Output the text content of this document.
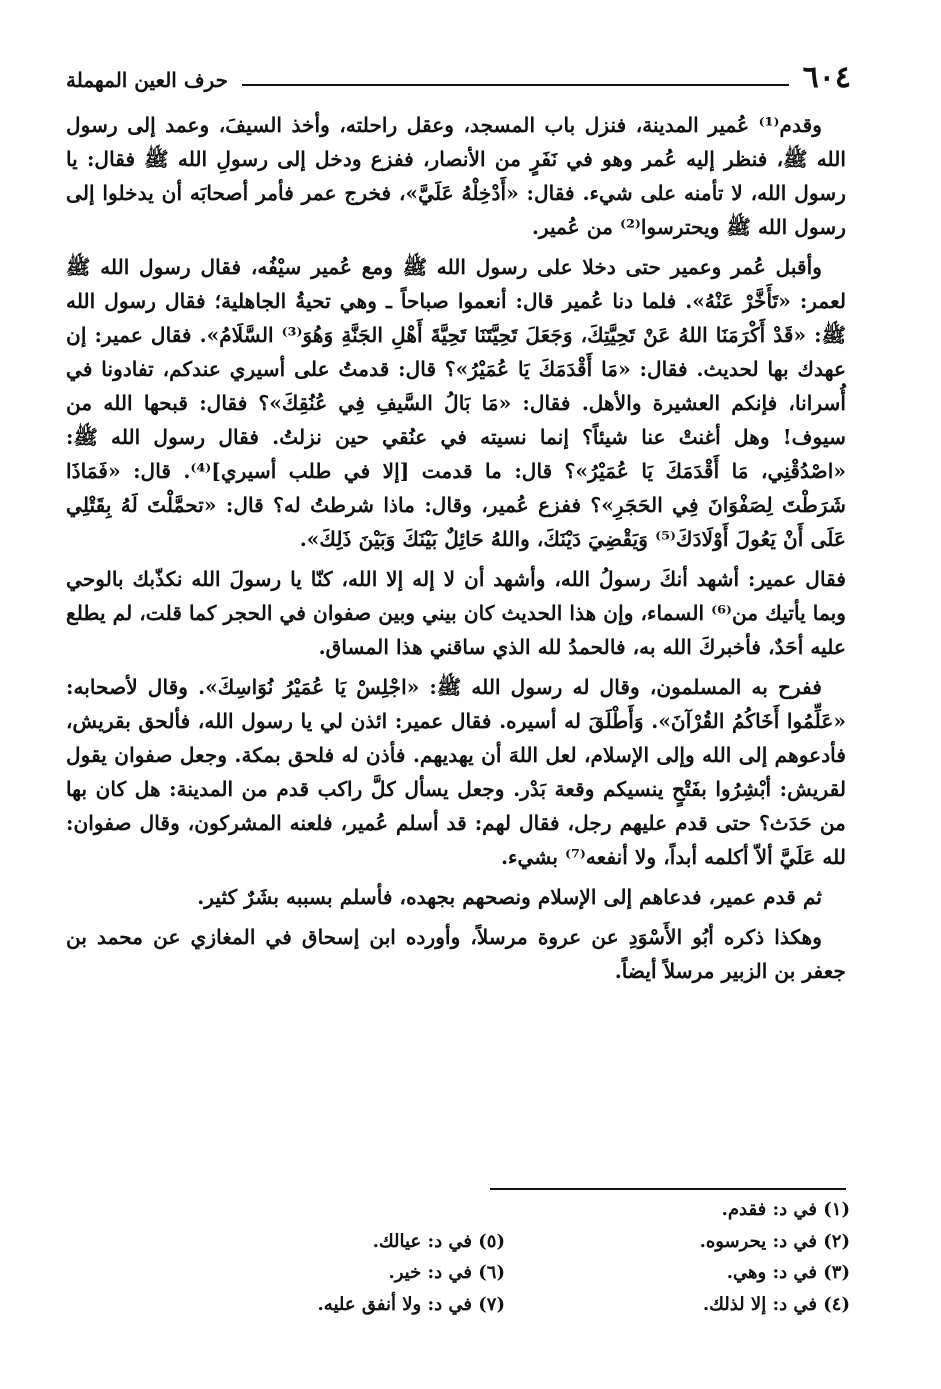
٦٠٤
حرف العين المهملة

وقدم⁽¹⁾ عُمير المدينة، فنزل باب المسجد، وعقل راحلته، وأخذ السيفَ، وعمد إلى رسول الله ﷺ، فنظر إليه عُمر وهو في نَفَرٍ من الأنصار، ففزع ودخل إلى رسولِ الله ﷺ فقال: يا رسول الله، لا تأمنه على شيء. فقال: «أَدْخِلْهُ عَلَيَّ»، فخرج عمر فأمر أصحابَه أن يدخلوا إلى رسول الله ﷺ ويحترسوا⁽²⁾ من عُمير.

وأقبل عُمر وعمير حتى دخلا على رسول الله ﷺ ومع عُمير سيْفُه، فقال رسول الله ﷺ لعمر: «تَأَخَّرْ عَنْهُ». فلما دنا عُمير قال: أنعموا صباحاً ـ وهي تحيةُ الجاهلية؛ فقال رسول الله ﷺ: «قَدْ أَكْرَمَنَا اللهُ عَنْ تَحِيَّتِكَ، وَجَعَلَ تَحِيَّتَنَا تَحِيَّةَ أَهْلِ الجَنَّةِ وَهُوَ⁽³⁾ السَّلَامُ». فقال عمير: إن عهدك بها لحديث. فقال: «مَا أَقْدَمَكَ يَا عُمَيْرُ»؟ قال: قدمتُ على أسيري عندكم، تفادونا في أُسرانا، فإنكم العشيرة والأهل. فقال: «مَا بَالُ السَّيفِ فِي عُنُقِكَ»؟ فقال: قبحها الله من سيوف! وهل أغنتْ عنا شيئاً؟ إنما نسيته في عنُقي حين نزلتُ. فقال رسول الله ﷺ: «اصْدُقْنِي، مَا أَقْدَمَكَ يَا عُمَيْرُ»؟ قال: ما قدمت [إلا في طلب أسيري]⁽⁴⁾. قال: «فَمَاذَا شَرَطْتَ لِصَفْوَانَ فِي الحَجَرِ»؟ ففزع عُمير، وقال: ماذا شرطتُ له؟ قال: «تحمَّلْتَ لَهُ بِقَتْلِي عَلَى أَنْ يَعُولَ أَوْلَادَكَ⁽⁵⁾ وَيَقْضِيَ دَيْنَكَ، واللهُ حَائِلٌ بَيْنَكَ وَبَيْنَ ذَلِكَ».

فقال عمير: أشهد أنكَ رسولُ الله، وأشهد أن لا إله إلا الله، كنّا يا رسولَ الله نكذّبك بالوحي وبما يأتيك من⁽⁶⁾ السماء، وإن هذا الحديث كان بيني وبين صفوان في الحجر كما قلت، لم يطلع عليه أحَدٌ، فأخبركَ الله به، فالحمدُ لله الذي ساقني هذا المساق.

ففرح به المسلمون، وقال له رسول الله ﷺ: «اجْلِسْ يَا عُمَيْرُ نُوَاسِكَ». وقال لأصحابه: «عَلِّمُوا أَخَاكُمُ القُرْآنَ». وَأَطْلَقَ له أسيره. فقال عمير: ائذن لي يا رسول الله، فألحق بقريش، فأدعوهم إلى الله وإلى الإسلام، لعل اللهَ أن يهديهم. فأذن له فلحق بمكة. وجعل صفوان يقول لقريش: أبْشِرُوا بفَتْحٍ ينسيكم وقعة بَدْر. وجعل يسأل كلَّ راكب قدم من المدينة: هل كان بها من حَدَث؟ حتى قدم عليهم رجل، فقال لهم: قد أسلم عُمير، فلعنه المشركون، وقال صفوان: لله عَلَيَّ ألاّ أكلمه أبداً، ولا أنفعه⁽⁷⁾ بشيء.

ثم قدم عمير، فدعاهم إلى الإسلام ونصحهم بجهده، فأسلم بسببه بشَرٌ كثير.

وهكذا ذكره أبُو الأَسْوَدِ عن عروة مرسلاً، وأورده ابن إسحاق في المغازي عن محمد بن جعفر بن الزبير مرسلاً أيضاً.

(١) في د: فقدم.

(٢) في د: يحرسوه.

(٣) في د: وهي.

(٤) في د: إلا لذلك.

(٥) في د: عيالك.

(٦) في د: خير.

(٧) في د: ولا أنفق عليه.
